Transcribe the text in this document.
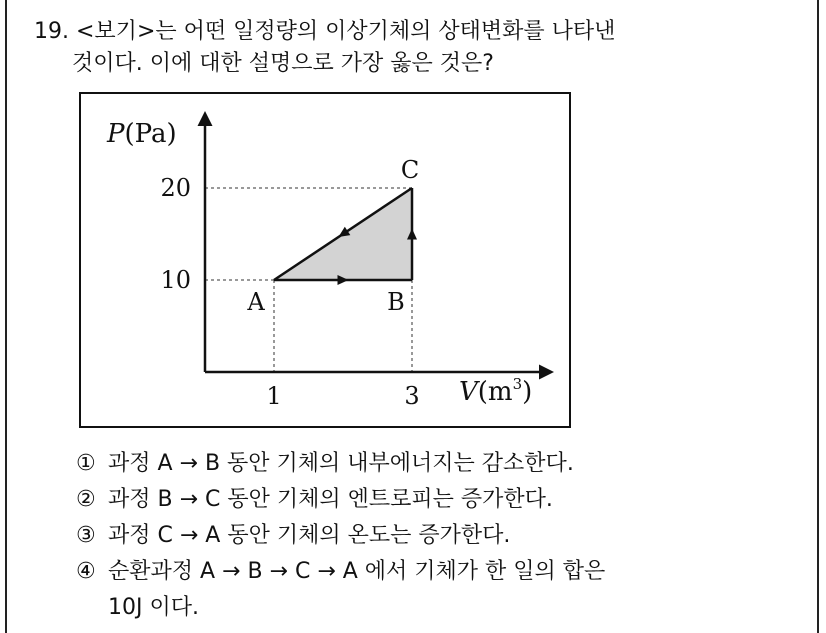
19. <보기>는 어떤 일정량의 이상기체의 상태변화를 나타낸
것이다. 이에 대한 설명으로 가장 옳은 것은?
P(Pa)
$V(m^3)$
10
20
1	3
A	B
C
① 과정 A → B 동안 기체의 내부에너지는 감소한다.
② 과정 B → C 동안 기체의 엔트로피는 증가한다.
③ 과정 C → A 동안 기체의 온도는 증가한다.
④ 순환과정 A → B → C → A 에서 기체가 한 일의 합은
10J 이다.
